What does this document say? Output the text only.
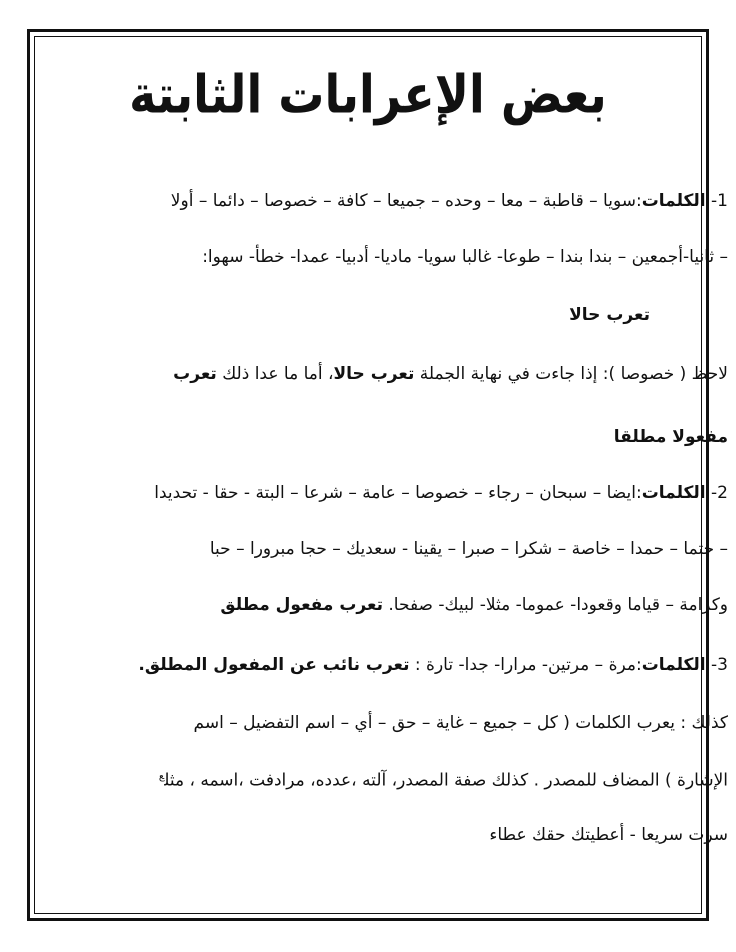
بعض الإعرابات الثابتة
1- الكلمات:سويا – قاطبة – معا – وحده – جميعا – كافة – خصوصا – دائما – أولا
– ثانيا-أجمعين – بندا بندا – طوعا- غالبا سويا- ماديا- أدبيا- عمدا- خطأ- سهوا:
تعرب حالا
لاحظ ( خصوصا ): إذا جاءت في نهاية الجملة تعرب حالا، أما ما عدا ذلك تعرب
مفعولا مطلقا
2- الكلمات:ايضا – سبحان – رجاء – خصوصا – عامة – شرعا – البتة - حقا - تحديدا
– حتما – حمدا – خاصة – شكرا – صبرا – يقينا - سعديك – حجا مبرورا – حبا
وكرامة – قياما وقعودا- عموما- مثلا- لبيك- صفحا. تعرب مفعول مطلق
3- الكلمات:مرة – مرتين- مرارا- جدا- تارة : تعرب نائب عن المفعول المطلق.
كذلك : يعرب الكلمات ( كل – جميع – غاية – حق – أي – اسم التفضيل – اسم
الإشارة ) المضاف للمصدر . كذلك صفة المصدر، آلته ،عدده، مرادفت ،اسمه ، مثل$^ع$
سرت سريعا - أعطيتك حقك عطاء
